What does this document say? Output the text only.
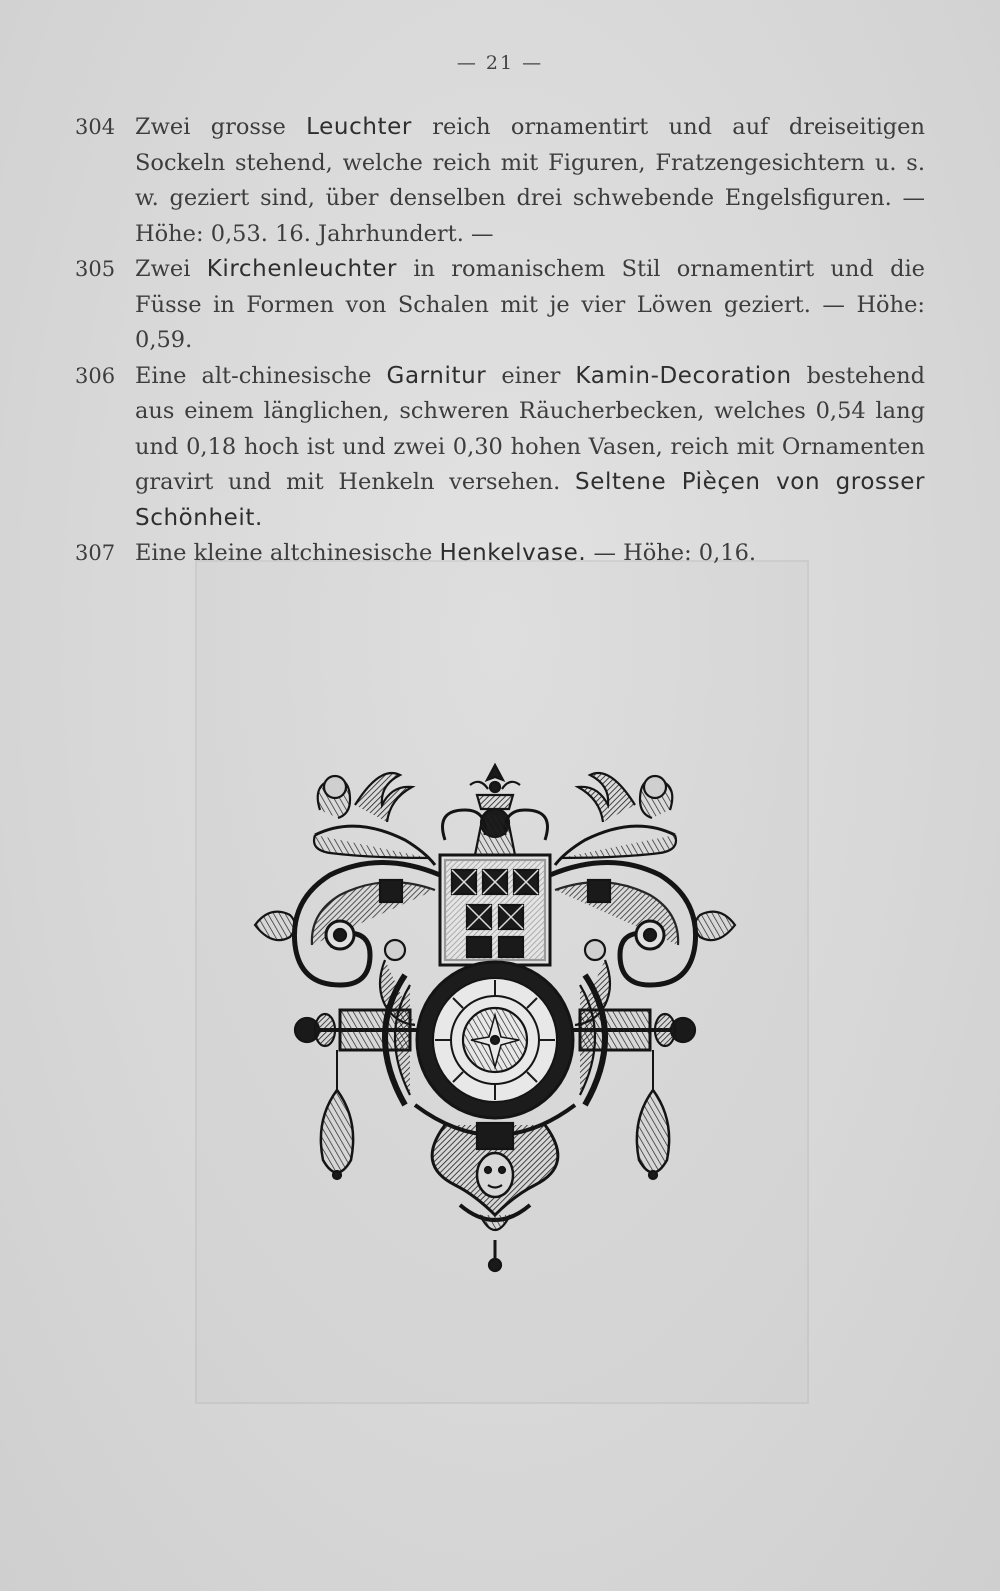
— 21 —
304 Zwei grosse Leuchter reich ornamentirt und auf dreiseitigen Sockeln stehend, welche reich mit Figuren, Fratzengesichtern u. s. w. geziert sind, über denselben drei schwebende Engelsfiguren. — Höhe: 0,53. 16. Jahrhundert. —
305 Zwei Kirchenleuchter in romanischem Stil ornamentirt und die Füsse in Formen von Schalen mit je vier Löwen geziert. — Höhe: 0,59.
306 Eine alt-chinesische Garnitur einer Kamin-Decoration bestehend aus einem länglichen, schweren Räucherbecken, welches 0,54 lang und 0,18 hoch ist und zwei 0,30 hohen Vasen, reich mit Ornamenten gravirt und mit Henkeln versehen. Seltene Pièçen von grosser Schönheit.
307 Eine kleine altchinesische Henkelvase. — Höhe: 0,16.
